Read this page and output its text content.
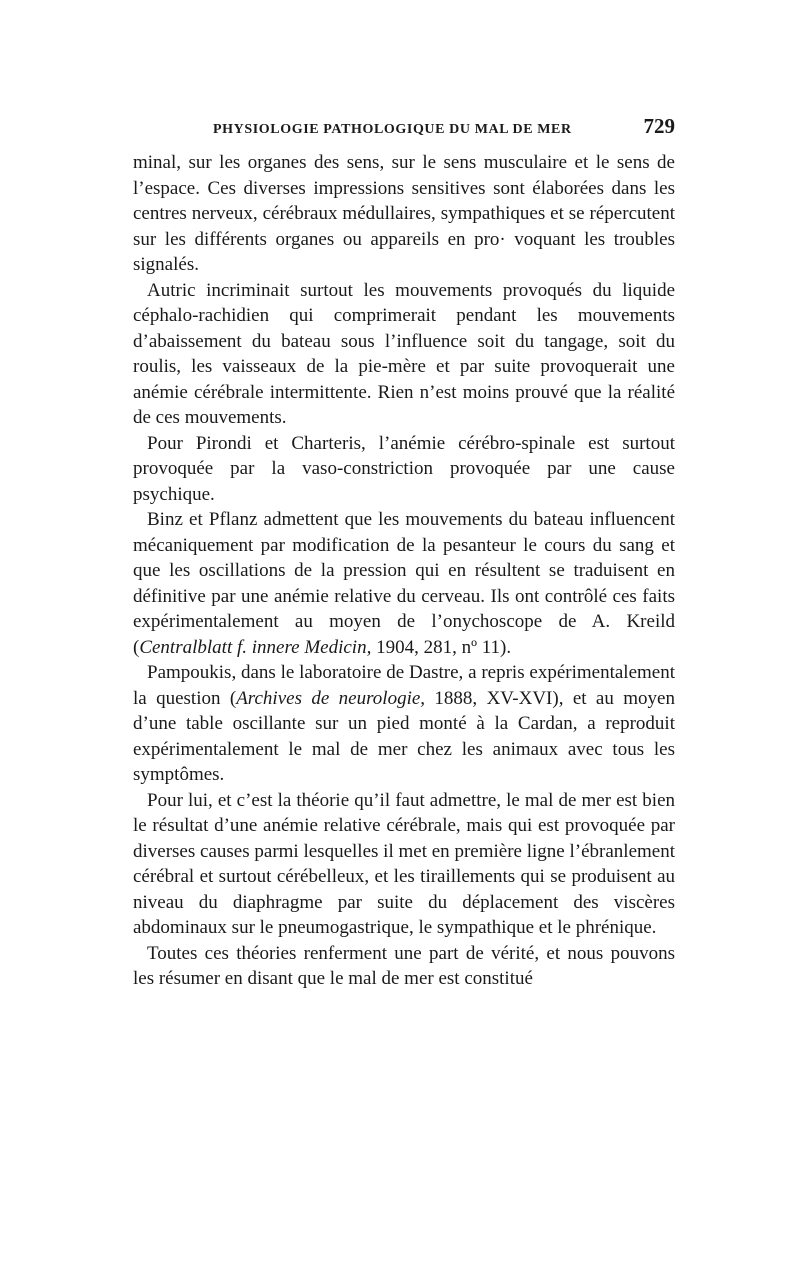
PHYSIOLOGIE PATHOLOGIQUE DU MAL DE MER	729

minal, sur les organes des sens, sur le sens musculaire et le sens de l’espace. Ces diverses impressions sensitives sont élaborées dans les centres nerveux, cérébraux médullaires, sympathiques et se répercutent sur les différents organes ou appareils en pro· voquant les troubles signalés.

Autric incriminait surtout les mouvements provoqués du liquide céphalo-rachidien qui comprimerait pendant les mouvements d’abaissement du bateau sous l’influence soit du tangage, soit du roulis, les vaisseaux de la pie-mère et par suite provoquerait une anémie cérébrale intermittente. Rien n’est moins prouvé que la réalité de ces mouvements.

Pour Pirondi et Charteris, l’anémie cérébro-spinale est surtout provoquée par la vaso-constriction provoquée par une cause psychique.

Binz et Pflanz admettent que les mouvements du bateau influencent mécaniquement par modification de la pesanteur le cours du sang et que les oscillations de la pression qui en résultent se traduisent en définitive par une anémie relative du cerveau. Ils ont contrôlé ces faits expérimentalement au moyen de l’onychoscope de A. Kreild (Centralblatt f. innere Medicin, 1904, 281, nº 11).

Pampoukis, dans le laboratoire de Dastre, a repris expérimentalement la question (Archives de neurologie, 1888, XV-XVI), et au moyen d’une table oscillante sur un pied monté à la Cardan, a reproduit expérimentalement le mal de mer chez les animaux avec tous les symptômes.

Pour lui, et c’est la théorie qu’il faut admettre, le mal de mer est bien le résultat d’une anémie relative cérébrale, mais qui est provoquée par diverses causes parmi lesquelles il met en première ligne l’ébranlement cérébral et surtout cérébelleux, et les tiraillements qui se produisent au niveau du diaphragme par suite du déplacement des viscères abdominaux sur le pneumogastrique, le sympathique et le phrénique.

Toutes ces théories renferment une part de vérité, et nous pouvons les résumer en disant que le mal de mer est constitué
